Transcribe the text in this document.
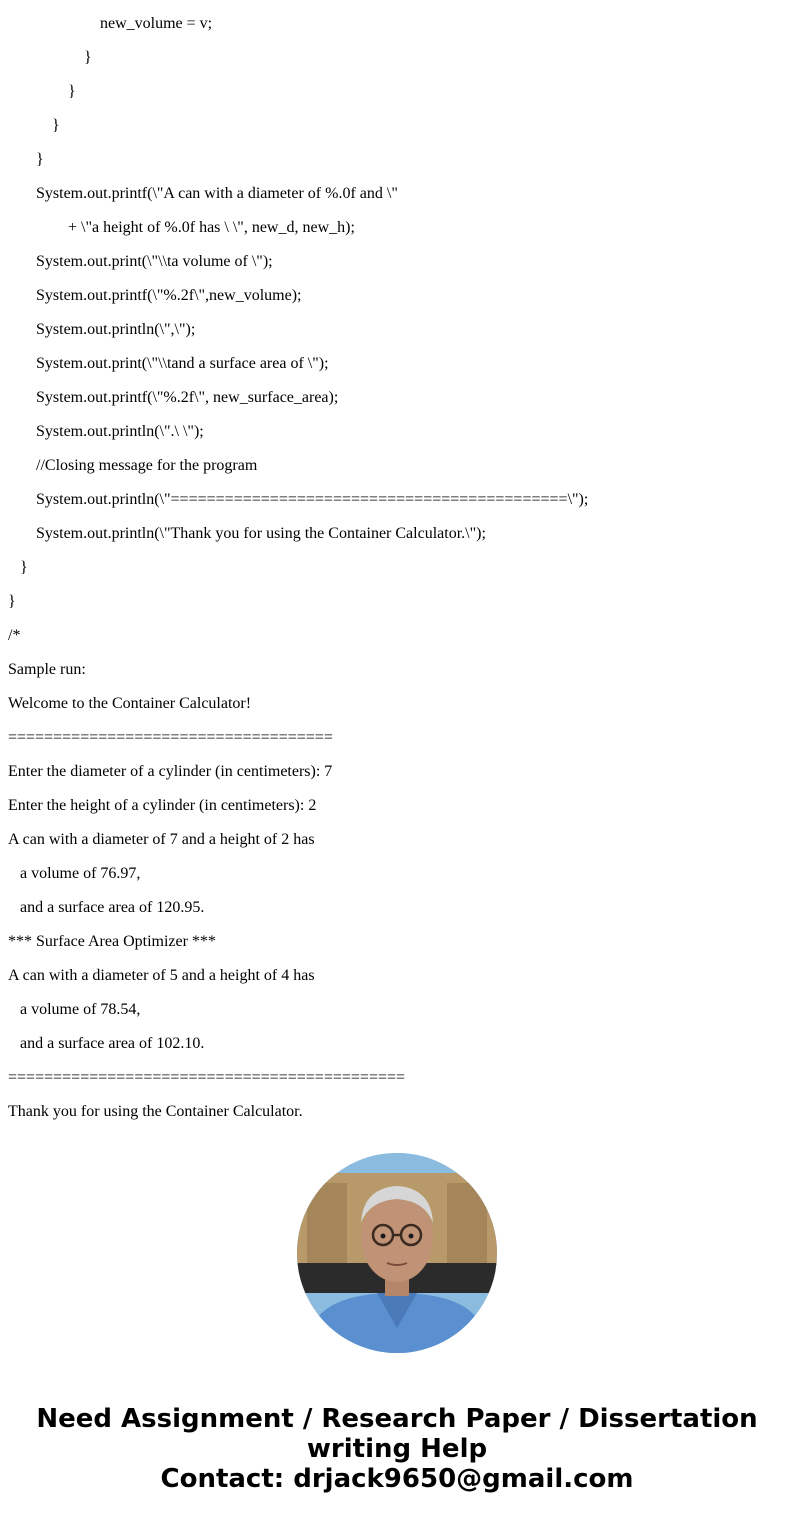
new_volume = v;
}
}
}
}
System.out.printf(\"A can with a diameter of %.0f and \"
+ \"a height of %.0f has \ \", new_d, new_h);
System.out.print(\"\\ta volume of \");
System.out.printf(\"%.2f\",new_volume);
System.out.println(\",\");
System.out.print(\"\\tand a surface area of \");
System.out.printf(\"%.2f\", new_surface_area);
System.out.println(\".\ \");
//Closing message for the program
System.out.println(\"============================================\");
System.out.println(\"Thank you for using the Container Calculator.\");
}
}
/*
Sample run:
Welcome to the Container Calculator!
====================================
Enter the diameter of a cylinder (in centimeters): 7
Enter the height of a cylinder (in centimeters): 2
A can with a diameter of 7 and a height of 2 has
a volume of 76.97,
and a surface area of 120.95.
*** Surface Area Optimizer ***
A can with a diameter of 5 and a height of 4 has
a volume of 78.54,
and a surface area of 102.10.
============================================
Thank you for using the Container Calculator.
Need Assignment / Research Paper / Dissertation
writing Help
Contact: drjack9650@gmail.com
